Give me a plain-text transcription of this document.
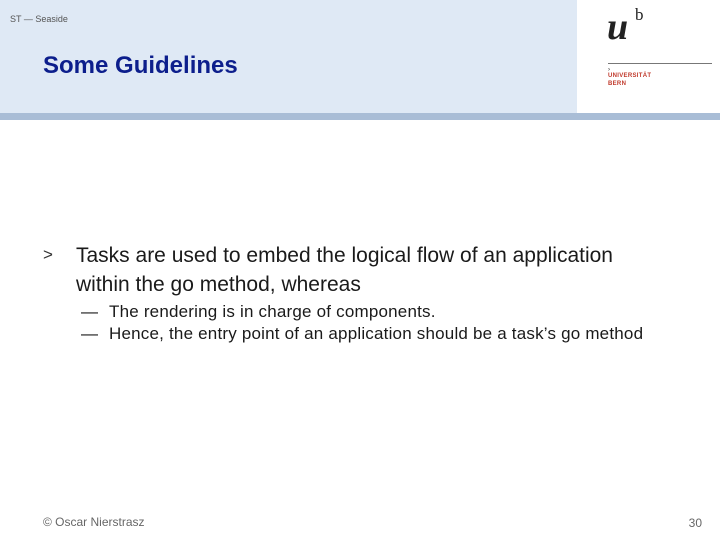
ST — Seaside
Some Guidelines
u b
›
UNIVERSITÄT
BERN
> Tasks are used to embed the logical flow of an application within the go method, whereas
— The rendering is in charge of components.
— Hence, the entry point of an application should be a task’s go method
© Oscar Nierstrasz	30
